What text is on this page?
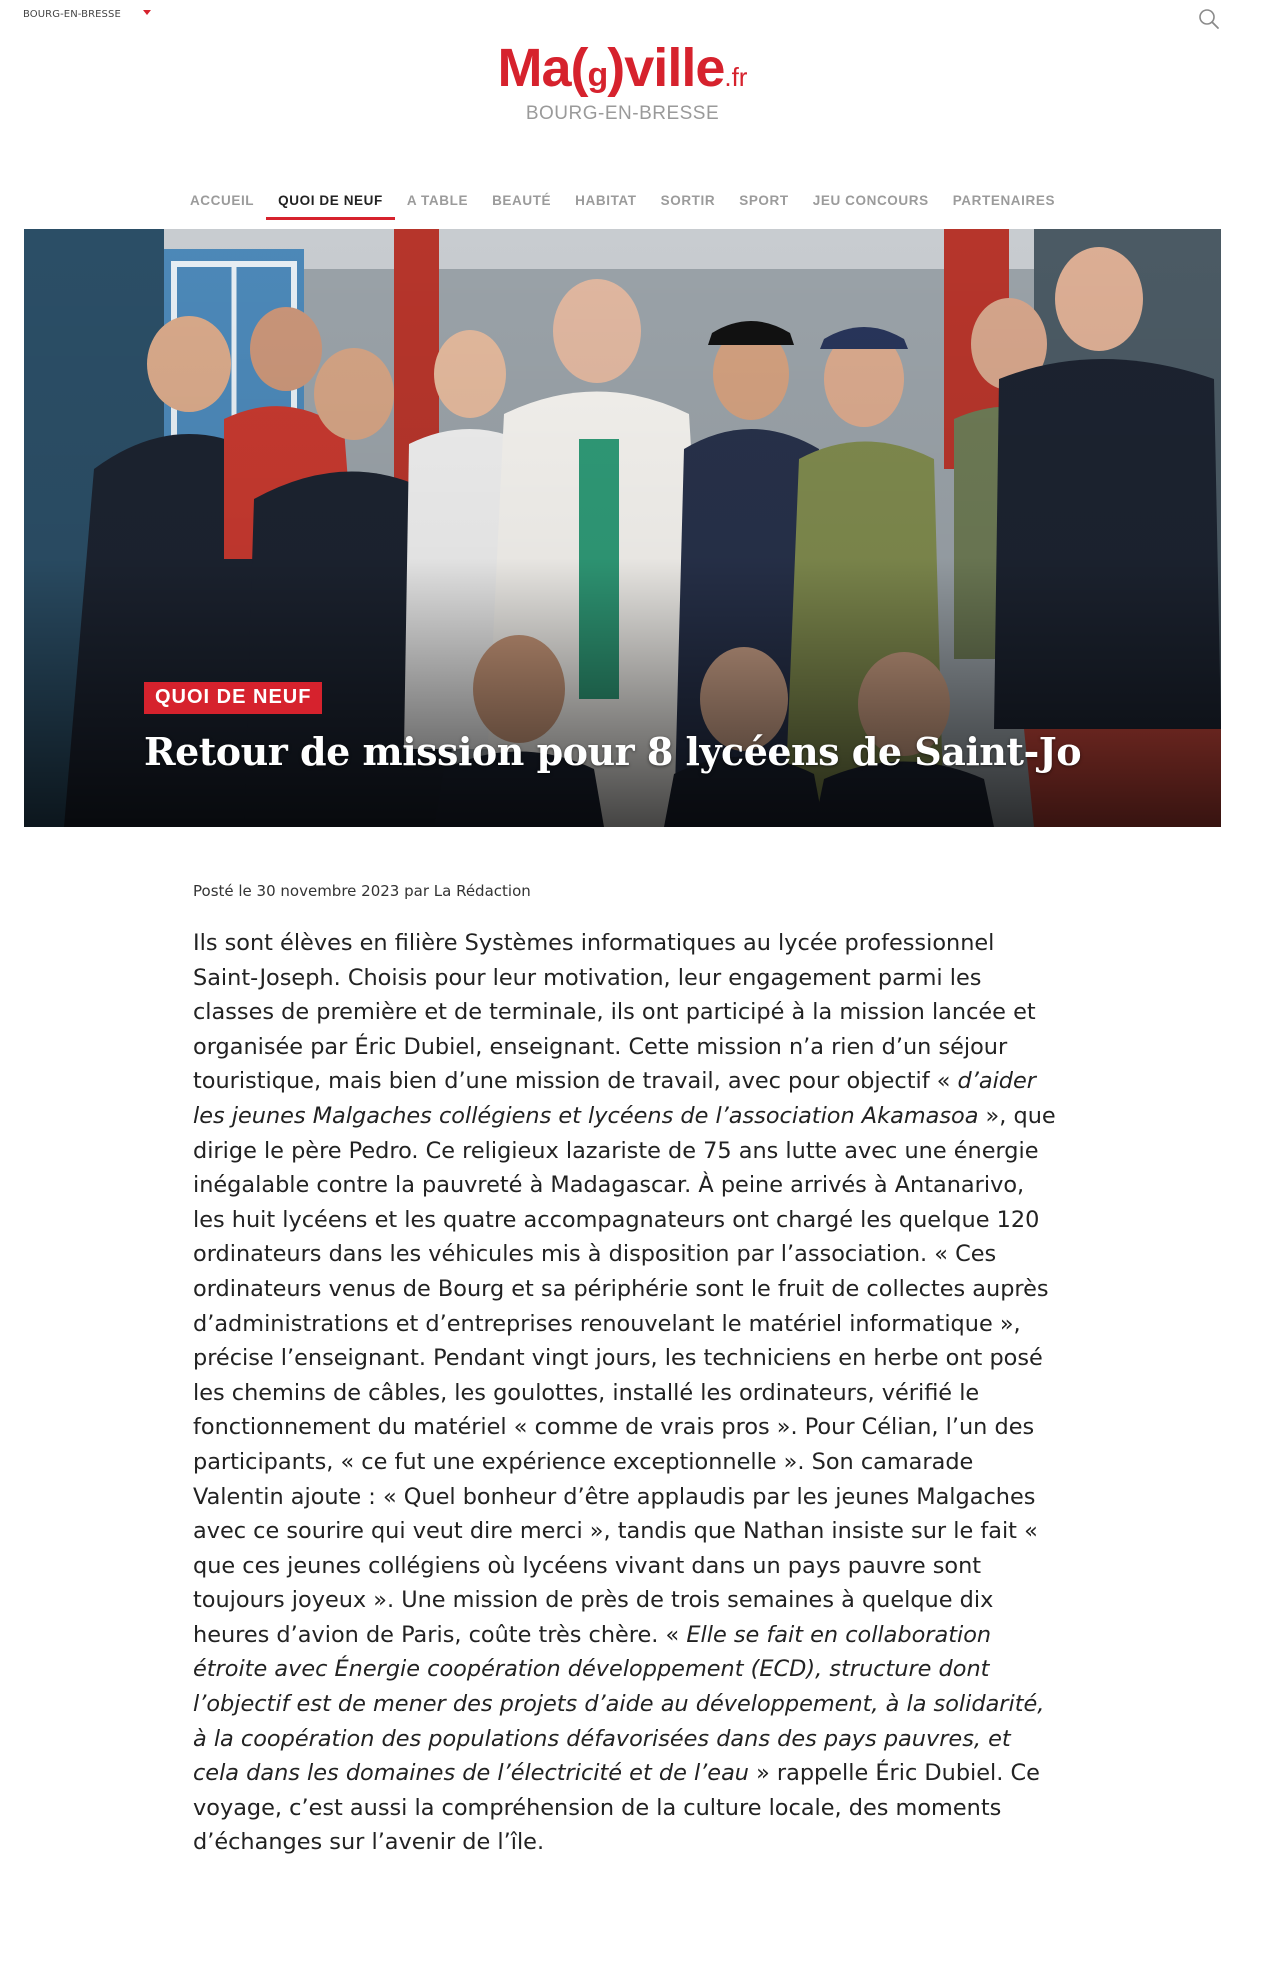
BOURG-EN-BRESSE
Ma(g)ville.fr
BOURG-EN-BRESSE
ACCUEIL	QUOI DE NEUF	A TABLE	BEAUTÉ	HABITAT	SORTIR	SPORT	JEU CONCOURS	PARTENAIRES
QUOI DE NEUF
Retour de mission pour 8 lycéens de Saint-Jo
Posté le 30 novembre 2023 par La Rédaction

Ils sont élèves en filière Systèmes informatiques au lycée professionnel Saint-Joseph. Choisis pour leur motivation, leur engagement parmi les classes de première et de terminale, ils ont participé à la mission lancée et organisée par Éric Dubiel, enseignant. Cette mission n’a rien d’un séjour touristique, mais bien d’une mission de travail, avec pour objectif « d’aider les jeunes Malgaches collégiens et lycéens de l’association Akamasoa », que dirige le père Pedro. Ce religieux lazariste de 75 ans lutte avec une énergie inégalable contre la pauvreté à Madagascar. À peine arrivés à Antanarivo, les huit lycéens et les quatre accompagnateurs ont chargé les quelque 120 ordinateurs dans les véhicules mis à disposition par l’association. « Ces ordinateurs venus de Bourg et sa périphérie sont le fruit de collectes auprès d’administrations et d’entreprises renouvelant le matériel informatique », précise l’enseignant. Pendant vingt jours, les techniciens en herbe ont posé les chemins de câbles, les goulottes, installé les ordinateurs, vérifié le fonctionnement du matériel « comme de vrais pros ». Pour Célian, l’un des participants, « ce fut une expérience exceptionnelle ». Son camarade Valentin ajoute : « Quel bonheur d’être applaudis par les jeunes Malgaches avec ce sourire qui veut dire merci », tandis que Nathan insiste sur le fait « que ces jeunes collégiens où lycéens vivant dans un pays pauvre sont toujours joyeux ». Une mission de près de trois semaines à quelque dix heures d’avion de Paris, coûte très chère. « Elle se fait en collaboration étroite avec Énergie coopération développement (ECD), structure dont l’objectif est de mener des projets d’aide au développement, à la solidarité, à la coopération des populations défavorisées dans des pays pauvres, et cela dans les domaines de l’électricité et de l’eau » rappelle Éric Dubiel. Ce voyage, c’est aussi la compréhension de la culture locale, des moments d’échanges sur l’avenir de l’île.
